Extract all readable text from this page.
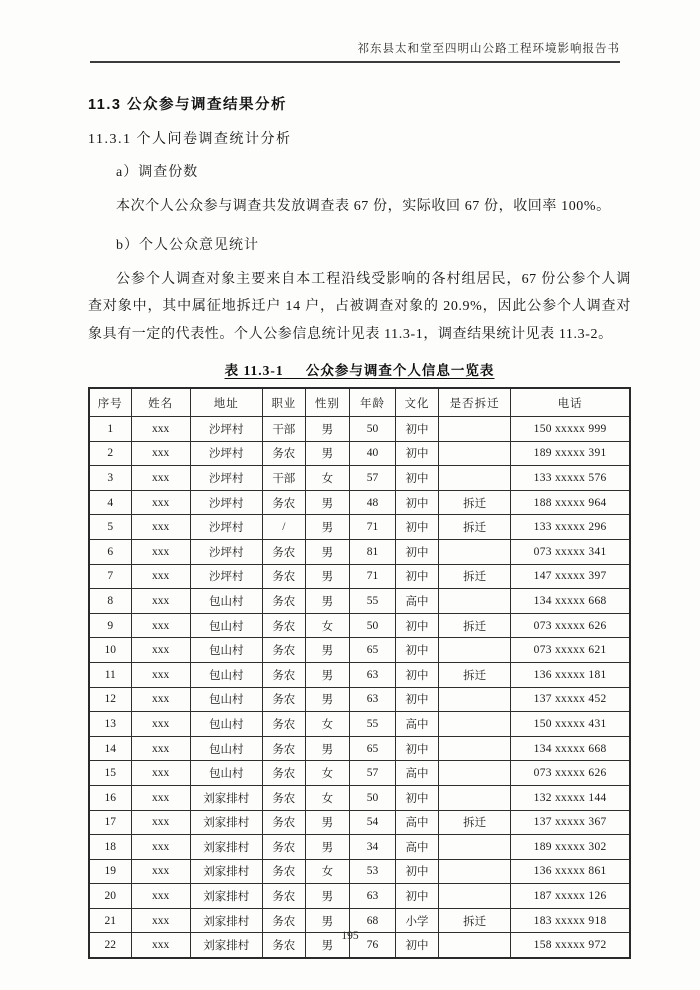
祁东县太和堂至四明山公路工程环境影响报告书
11.3 公众参与调查结果分析
11.3.1 个人问卷调查统计分析
a）调查份数
本次个人公众参与调查共发放调查表 67 份，实际收回 67 份，收回率 100%。
b）个人公众意见统计
公参个人调查对象主要来自本工程沿线受影响的各村组居民，67 份公参个人调查对象中，其中属征地拆迁户 14 户，占被调查对象的 20.9%，因此公参个人调查对象具有一定的代表性。个人公参信息统计见表 11.3-1，调查结果统计见表 11.3-2。
表 11.3-1　  公众参与调查个人信息一览表
序号	姓名	地址	职业	性别	年龄	文化	是否拆迁	电话
1	xxx	沙坪村	干部	男	50	初中		150 xxxxx 999
2	xxx	沙坪村	务农	男	40	初中		189 xxxxx 391
3	xxx	沙坪村	干部	女	57	初中		133 xxxxx 576
4	xxx	沙坪村	务农	男	48	初中	拆迁	188 xxxxx 964
5	xxx	沙坪村	/	男	71	初中	拆迁	133 xxxxx 296
6	xxx	沙坪村	务农	男	81	初中		073 xxxxx 341
7	xxx	沙坪村	务农	男	71	初中	拆迁	147 xxxxx 397
8	xxx	包山村	务农	男	55	高中		134 xxxxx 668
9	xxx	包山村	务农	女	50	初中	拆迁	073 xxxxx 626
10	xxx	包山村	务农	男	65	初中		073 xxxxx 621
11	xxx	包山村	务农	男	63	初中	拆迁	136 xxxxx 181
12	xxx	包山村	务农	男	63	初中		137 xxxxx 452
13	xxx	包山村	务农	女	55	高中		150 xxxxx 431
14	xxx	包山村	务农	男	65	初中		134 xxxxx 668
15	xxx	包山村	务农	女	57	高中		073 xxxxx 626
16	xxx	刘家排村	务农	女	50	初中		132 xxxxx 144
17	xxx	刘家排村	务农	男	54	高中	拆迁	137 xxxxx 367
18	xxx	刘家排村	务农	男	34	高中		189 xxxxx 302
19	xxx	刘家排村	务农	女	53	初中		136 xxxxx 861
20	xxx	刘家排村	务农	男	63	初中		187 xxxxx 126
21	xxx	刘家排村	务农	男	68	小学	拆迁	183 xxxxx 918
22	xxx	刘家排村	务农	男	76	初中		158 xxxxx 972
195
